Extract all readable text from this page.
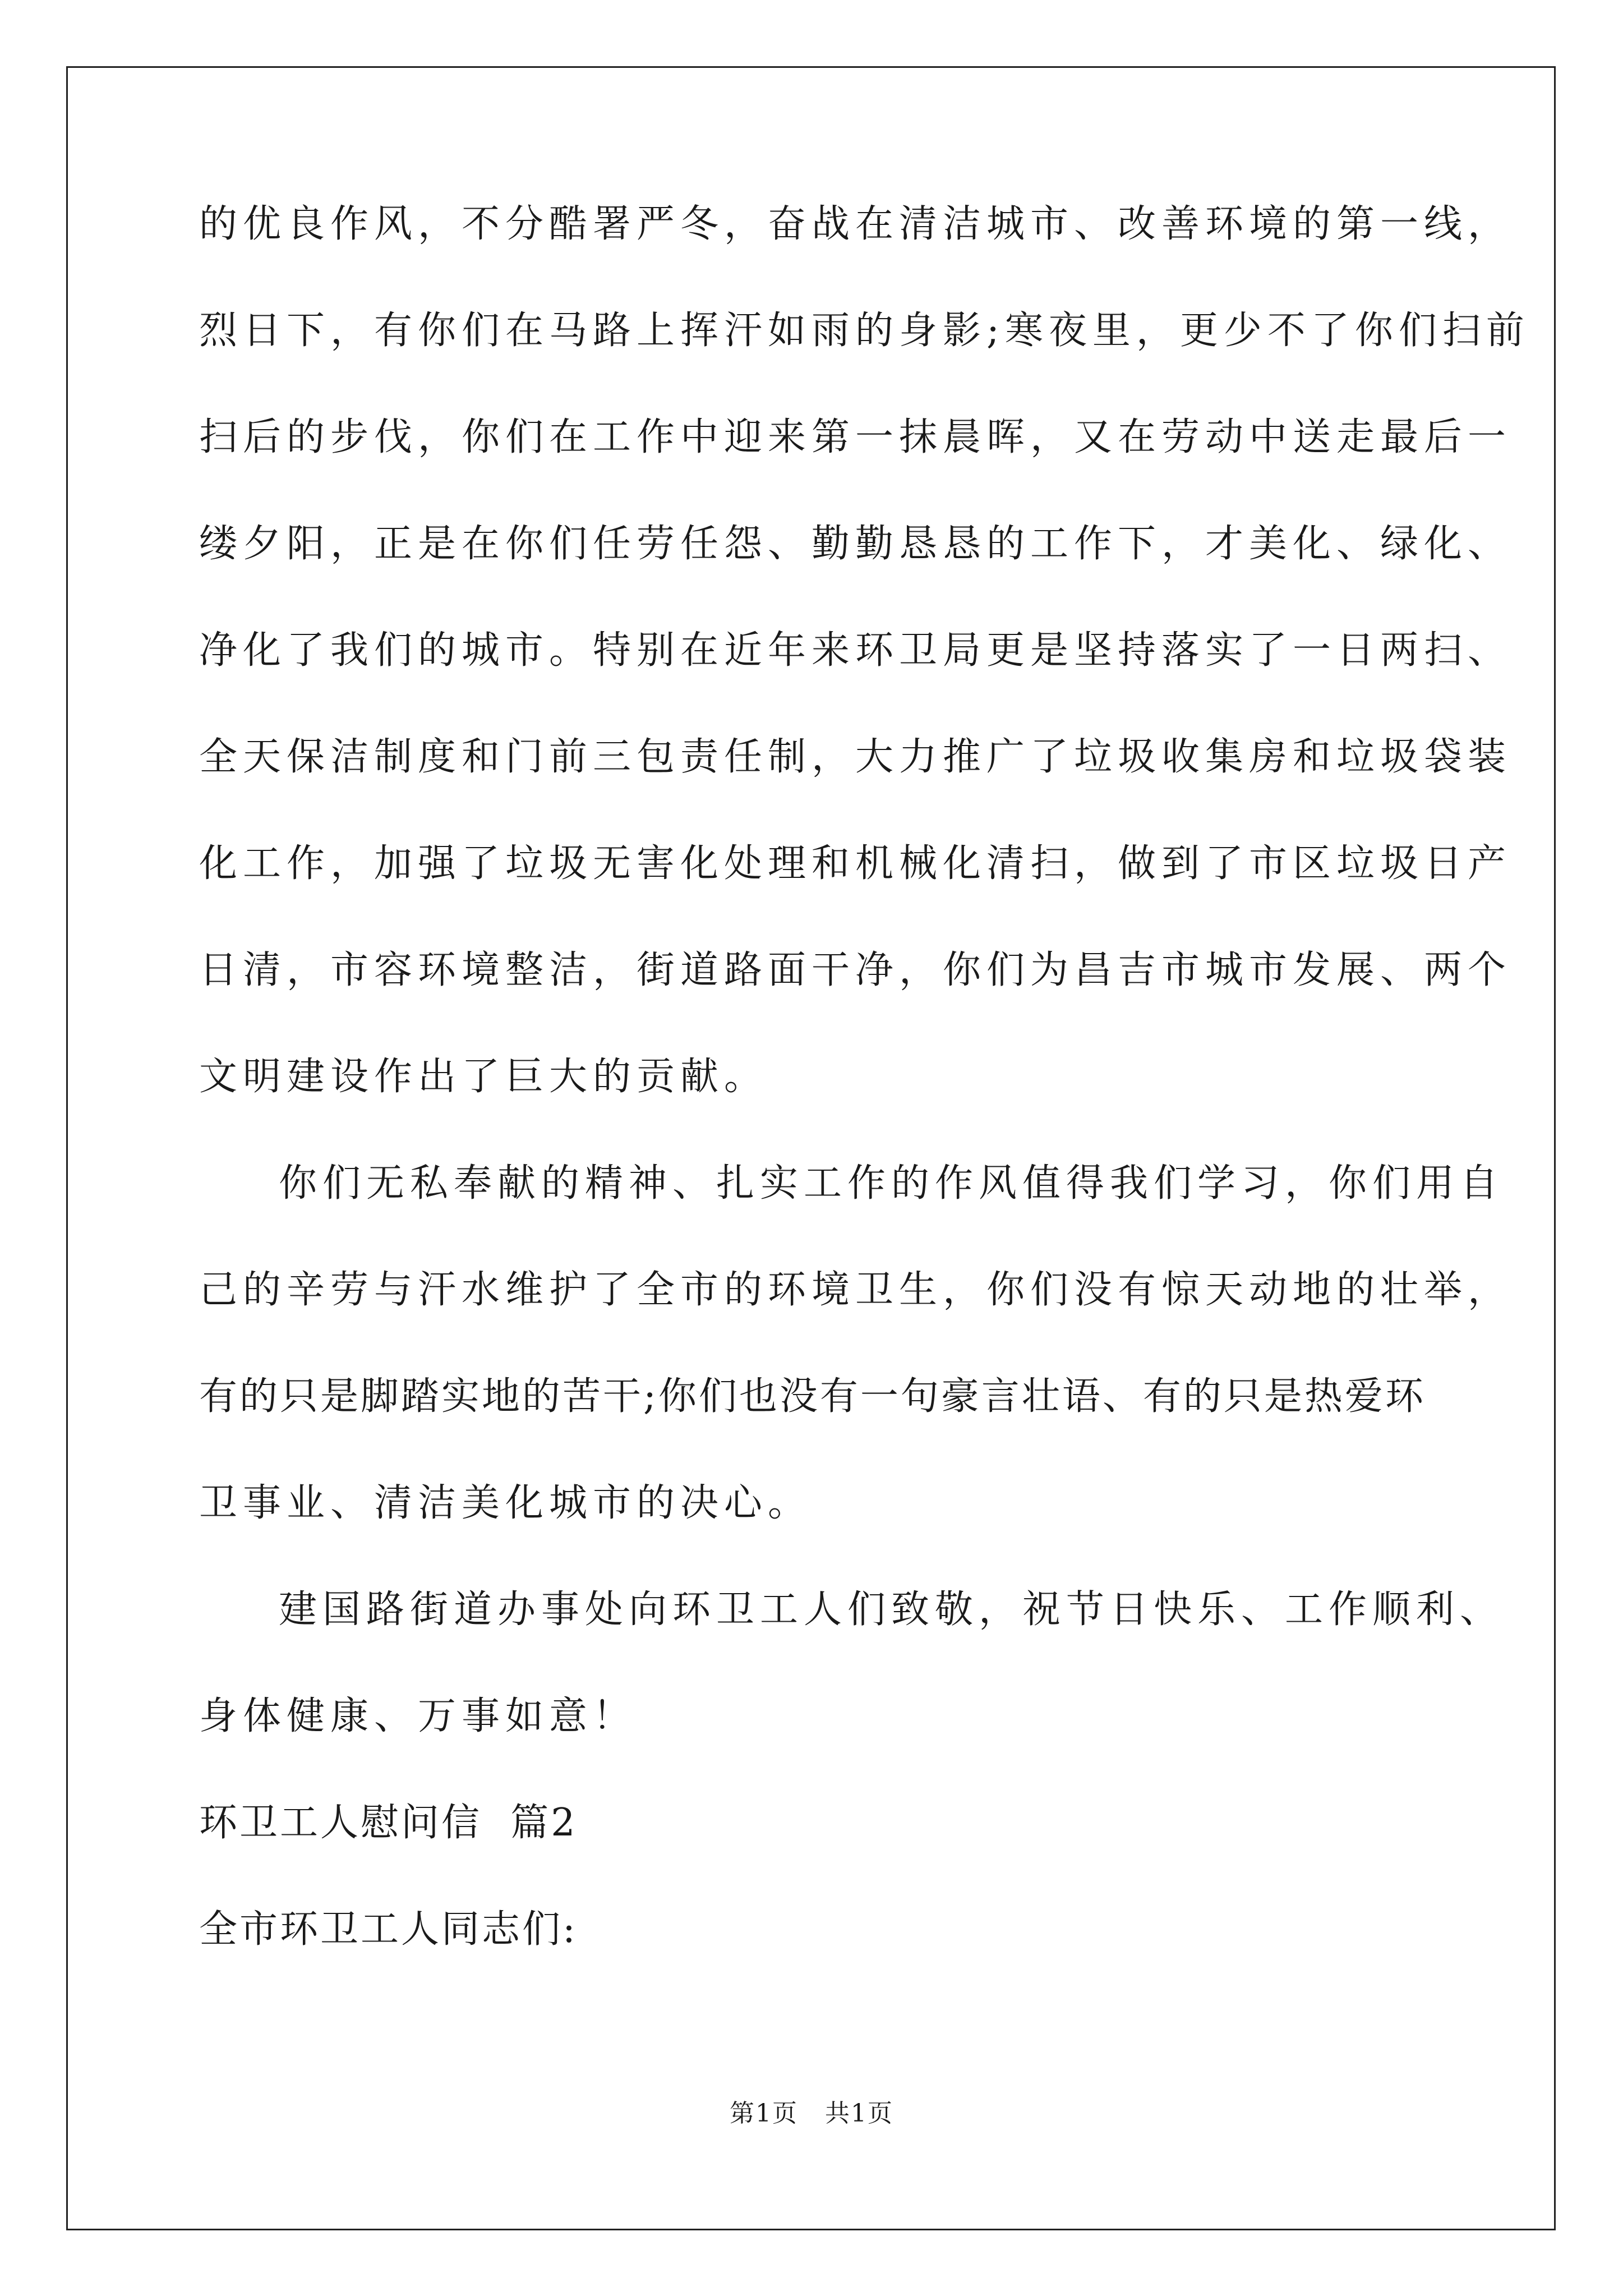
的优良作风，不分酷署严冬，奋战在清洁城市、改善环境的第一线，
烈日下，有你们在马路上挥汗如雨的身影;寒夜里，更少不了你们扫前
扫后的步伐，你们在工作中迎来第一抹晨晖，又在劳动中送走最后一
缕夕阳，正是在你们任劳任怨、勤勤恳恳的工作下，才美化、绿化、
净化了我们的城市。特别在近年来环卫局更是坚持落实了一日两扫、
全天保洁制度和门前三包责任制，大力推广了垃圾收集房和垃圾袋装
化工作，加强了垃圾无害化处理和机械化清扫，做到了市区垃圾日产
日清，市容环境整洁，街道路面干净，你们为昌吉市城市发展、两个
文明建设作出了巨大的贡献。
你们无私奉献的精神、扎实工作的作风值得我们学习，你们用自
己的辛劳与汗水维护了全市的环境卫生，你们没有惊天动地的壮举，
有的只是脚踏实地的苦干;你们也没有一句豪言壮语、有的只是热爱环
卫事业、清洁美化城市的决心。
建国路街道办事处向环卫工人们致敬，祝节日快乐、工作顺利、
身体健康、万事如意！
环卫工人慰问信  篇2
全市环卫工人同志们:
第1页   共1页
